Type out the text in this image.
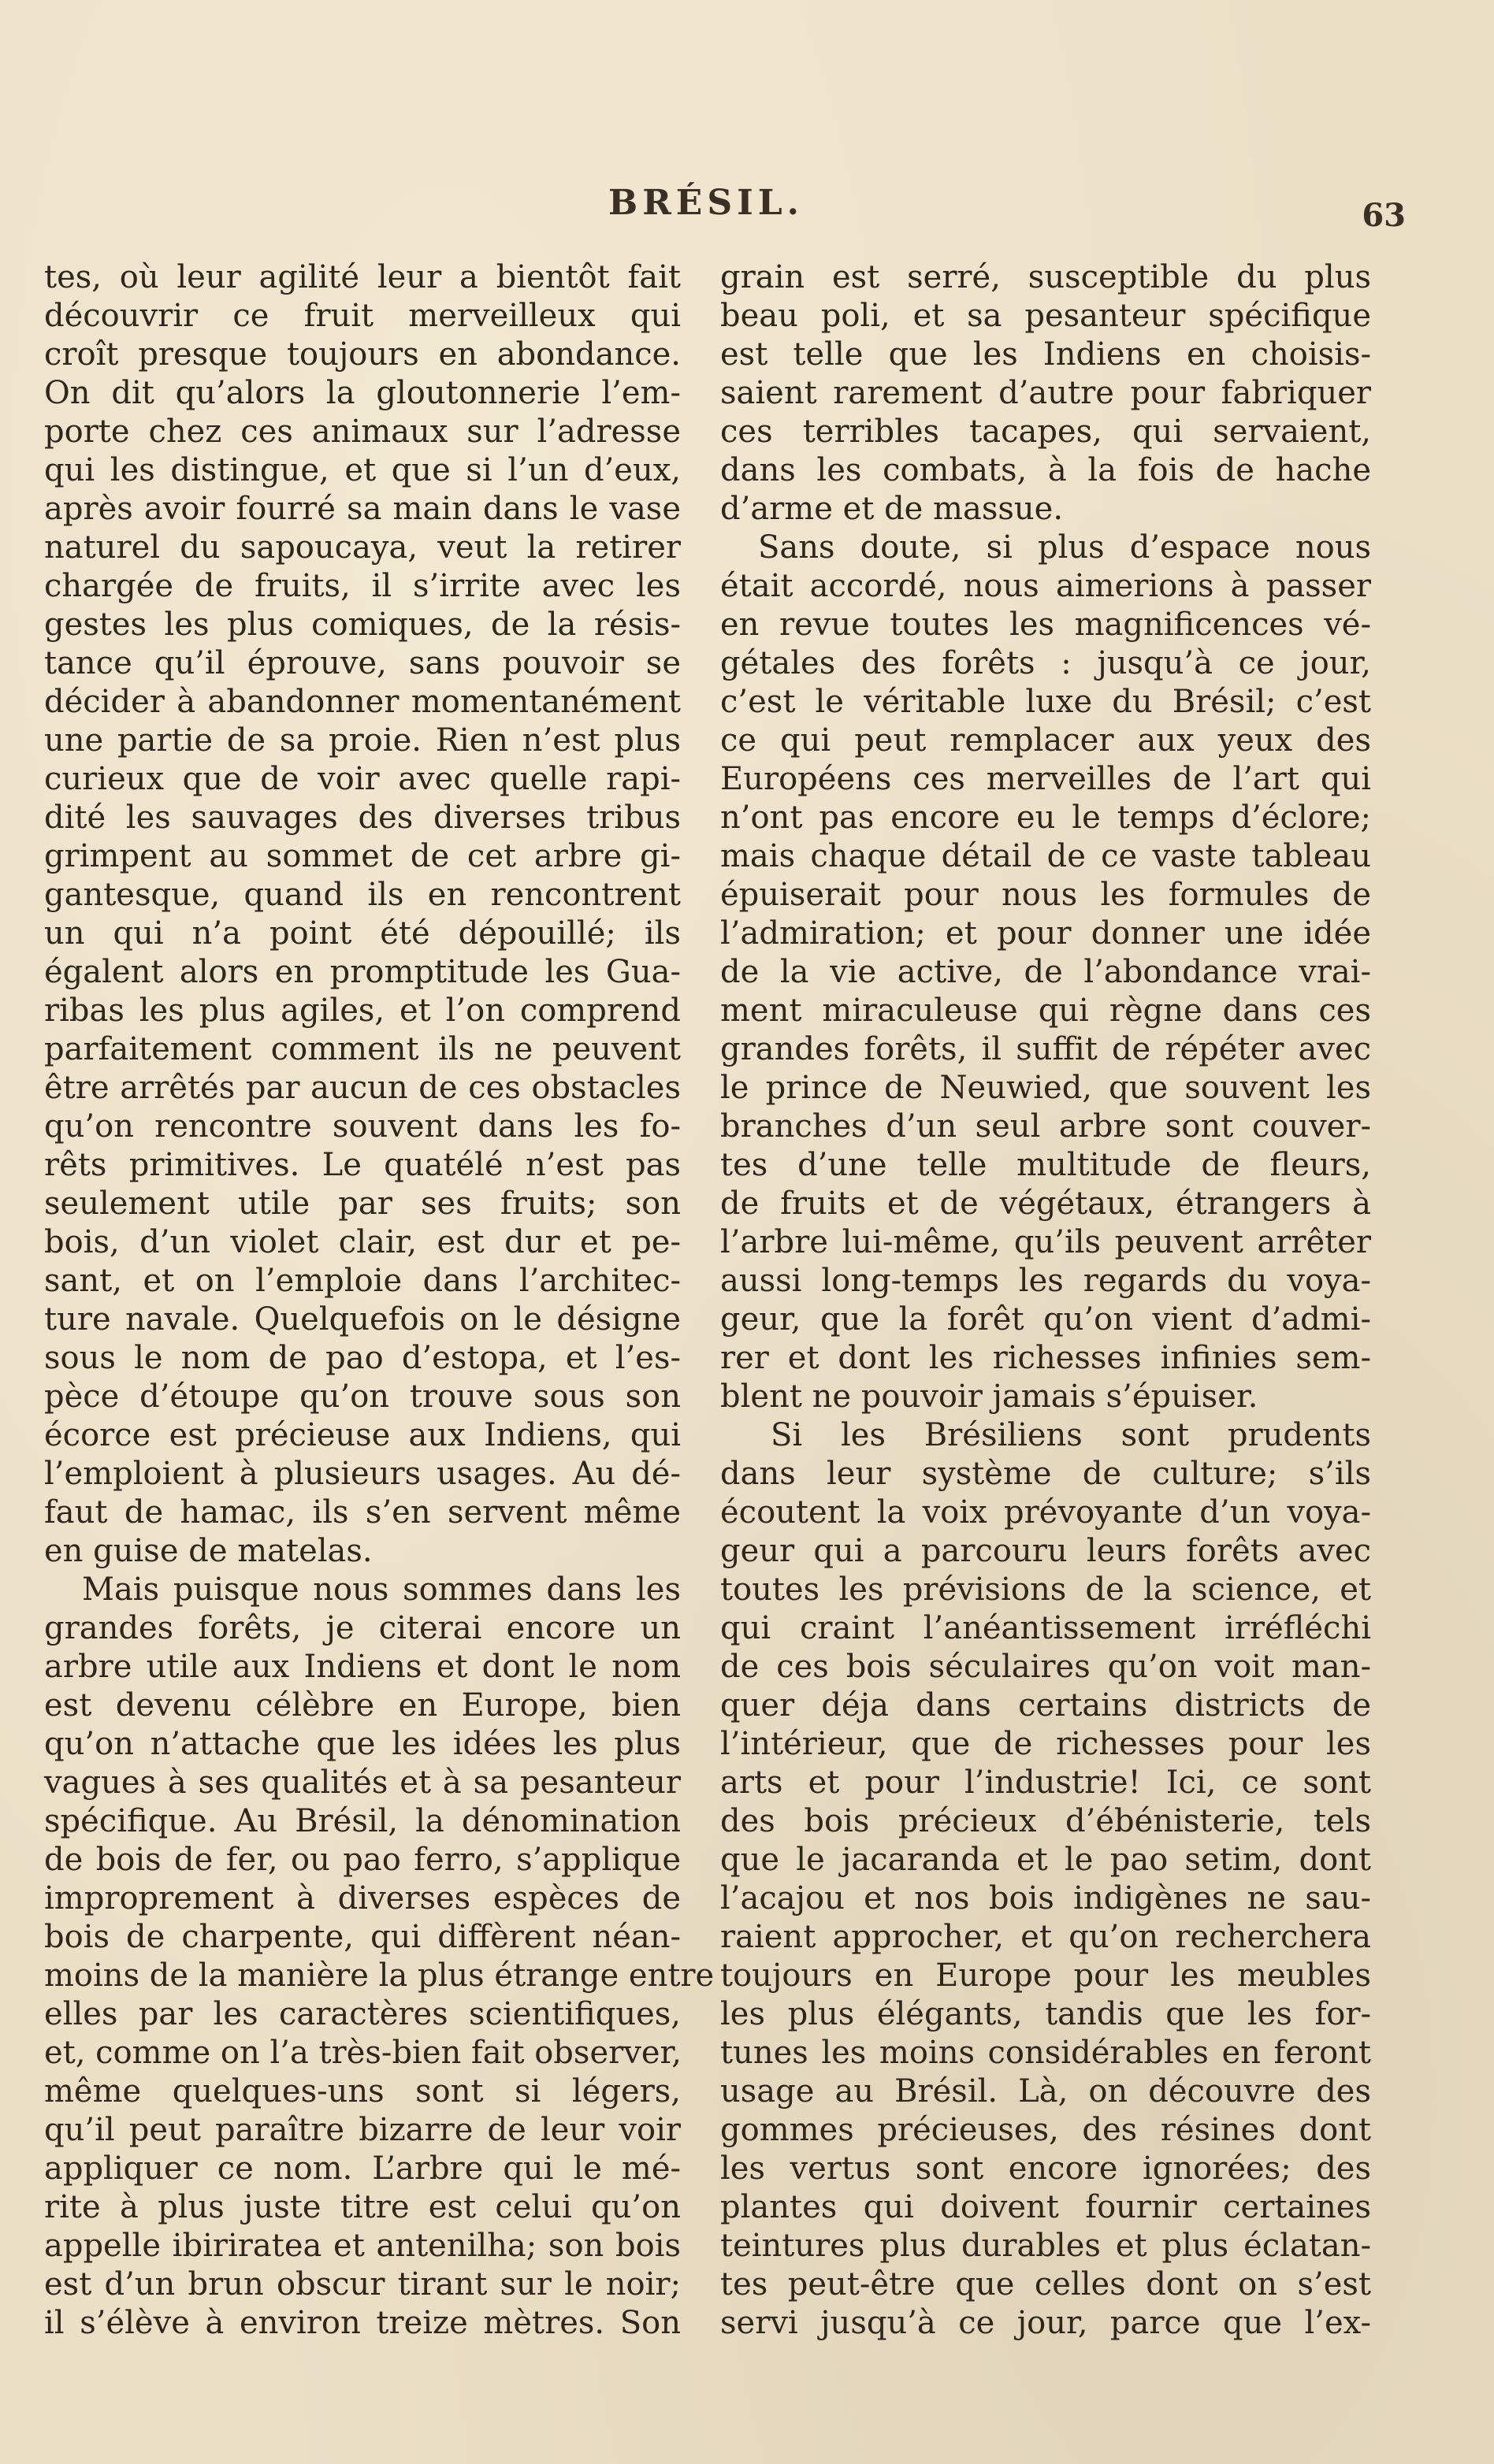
BRÉSIL.	63
tes, où leur agilité leur a bientôt fait
découvrir ce fruit merveilleux qui
croît presque toujours en abondance.
On dit qu’alors la gloutonnerie l’em-
porte chez ces animaux sur l’adresse
qui les distingue, et que si l’un d’eux,
après avoir fourré sa main dans le vase
naturel du sapoucaya, veut la retirer
chargée de fruits, il s’irrite avec les
gestes les plus comiques, de la résis-
tance qu’il éprouve, sans pouvoir se
décider à abandonner momentanément
une partie de sa proie. Rien n’est plus
curieux que de voir avec quelle rapi-
dité les sauvages des diverses tribus
grimpent au sommet de cet arbre gi-
gantesque, quand ils en rencontrent
un qui n’a point été dépouillé; ils
égalent alors en promptitude les Gua-
ribas les plus agiles, et l’on comprend
parfaitement comment ils ne peuvent
être arrêtés par aucun de ces obstacles
qu’on rencontre souvent dans les fo-
rêts primitives. Le quatélé n’est pas
seulement utile par ses fruits; son
bois, d’un violet clair, est dur et pe-
sant, et on l’emploie dans l’architec-
ture navale. Quelquefois on le désigne
sous le nom de pao d’estopa, et l’es-
pèce d’étoupe qu’on trouve sous son
écorce est précieuse aux Indiens, qui
l’emploient à plusieurs usages. Au dé-
faut de hamac, ils s’en servent même
en guise de matelas.
Mais puisque nous sommes dans les
grandes forêts, je citerai encore un
arbre utile aux Indiens et dont le nom
est devenu célèbre en Europe, bien
qu’on n’attache que les idées les plus
vagues à ses qualités et à sa pesanteur
spécifique. Au Brésil, la dénomination
de bois de fer, ou pao ferro, s’applique
improprement à diverses espèces de
bois de charpente, qui diffèrent néan-
moins de la manière la plus étrange entre
elles par les caractères scientifiques,
et, comme on l’a très-bien fait observer,
même quelques-uns sont si légers,
qu’il peut paraître bizarre de leur voir
appliquer ce nom. L’arbre qui le mé-
rite à plus juste titre est celui qu’on
appelle ibirirateа et antenilha; son bois
est d’un brun obscur tirant sur le noir;
il s’élève à environ treize mètres. Son
grain est serré, susceptible du plus
beau poli, et sa pesanteur spécifique
est telle que les Indiens en choisis-
saient rarement d’autre pour fabriquer
ces terribles tacapes, qui servaient,
dans les combats, à la fois de hache
d’arme et de massue.
Sans doute, si plus d’espace nous
était accordé, nous aimerions à passer
en revue toutes les magnificences vé-
gétales des forêts : jusqu’à ce jour,
c’est le véritable luxe du Brésil; c’est
ce qui peut remplacer aux yeux des
Européens ces merveilles de l’art qui
n’ont pas encore eu le temps d’éclore;
mais chaque détail de ce vaste tableau
épuiserait pour nous les formules de
l’admiration; et pour donner une idée
de la vie active, de l’abondance vrai-
ment miraculeuse qui règne dans ces
grandes forêts, il suffit de répéter avec
le prince de Neuwied, que souvent les
branches d’un seul arbre sont couver-
tes d’une telle multitude de fleurs,
de fruits et de végétaux, étrangers à
l’arbre lui-même, qu’ils peuvent arrêter
aussi long-temps les regards du voya-
geur, que la forêt qu’on vient d’admi-
rer et dont les richesses infinies sem-
blent ne pouvoir jamais s’épuiser.
Si les Brésiliens sont prudents
dans leur système de culture; s’ils
écoutent la voix prévoyante d’un voya-
geur qui a parcouru leurs forêts avec
toutes les prévisions de la science, et
qui craint l’anéantissement irréfléchi
de ces bois séculaires qu’on voit man-
quer déja dans certains districts de
l’intérieur, que de richesses pour les
arts et pour l’industrie! Ici, ce sont
des bois précieux d’ébénisterie, tels
que le jacaranda et le pao setim, dont
l’acajou et nos bois indigènes ne sau-
raient approcher, et qu’on recherchera
toujours en Europe pour les meubles
les plus élégants, tandis que les for-
tunes les moins considérables en feront
usage au Brésil. Là, on découvre des
gommes précieuses, des résines dont
les vertus sont encore ignorées; des
plantes qui doivent fournir certaines
teintures plus durables et plus éclatan-
tes peut-être que celles dont on s’est
servi jusqu’à ce jour, parce que l’ex-
